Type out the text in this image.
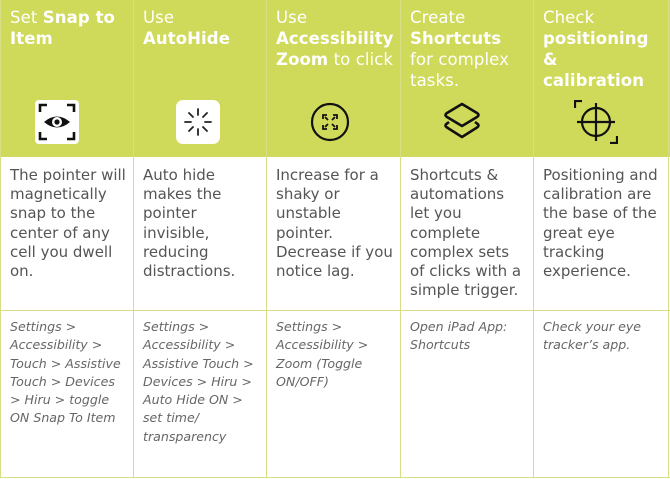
Set Snap to Item

The pointer will magnetically snap to the center of any cell you dwell on.

Settings > Accessibility > Touch > Assistive Touch > Devices > Hiru > toggle ON Snap To Item

Use AutoHide

Auto hide makes the pointer invisible, reducing distractions.

Settings > Accessibility > Assistive Touch > Devices > Hiru > Auto Hide ON > set time/ transparency

Use Accessibility Zoom to click

Increase for a shaky or unstable pointer. Decrease if you notice lag.

Settings > Accessibility > Zoom (Toggle ON/OFF)

Create Shortcuts for complex tasks.

Shortcuts & automations let you complete complex sets of clicks with a simple trigger.

Open iPad App: Shortcuts

Check positioning & calibration

Positioning and calibration are the base of the great eye tracking experience.

Check your eye tracker’s app.
